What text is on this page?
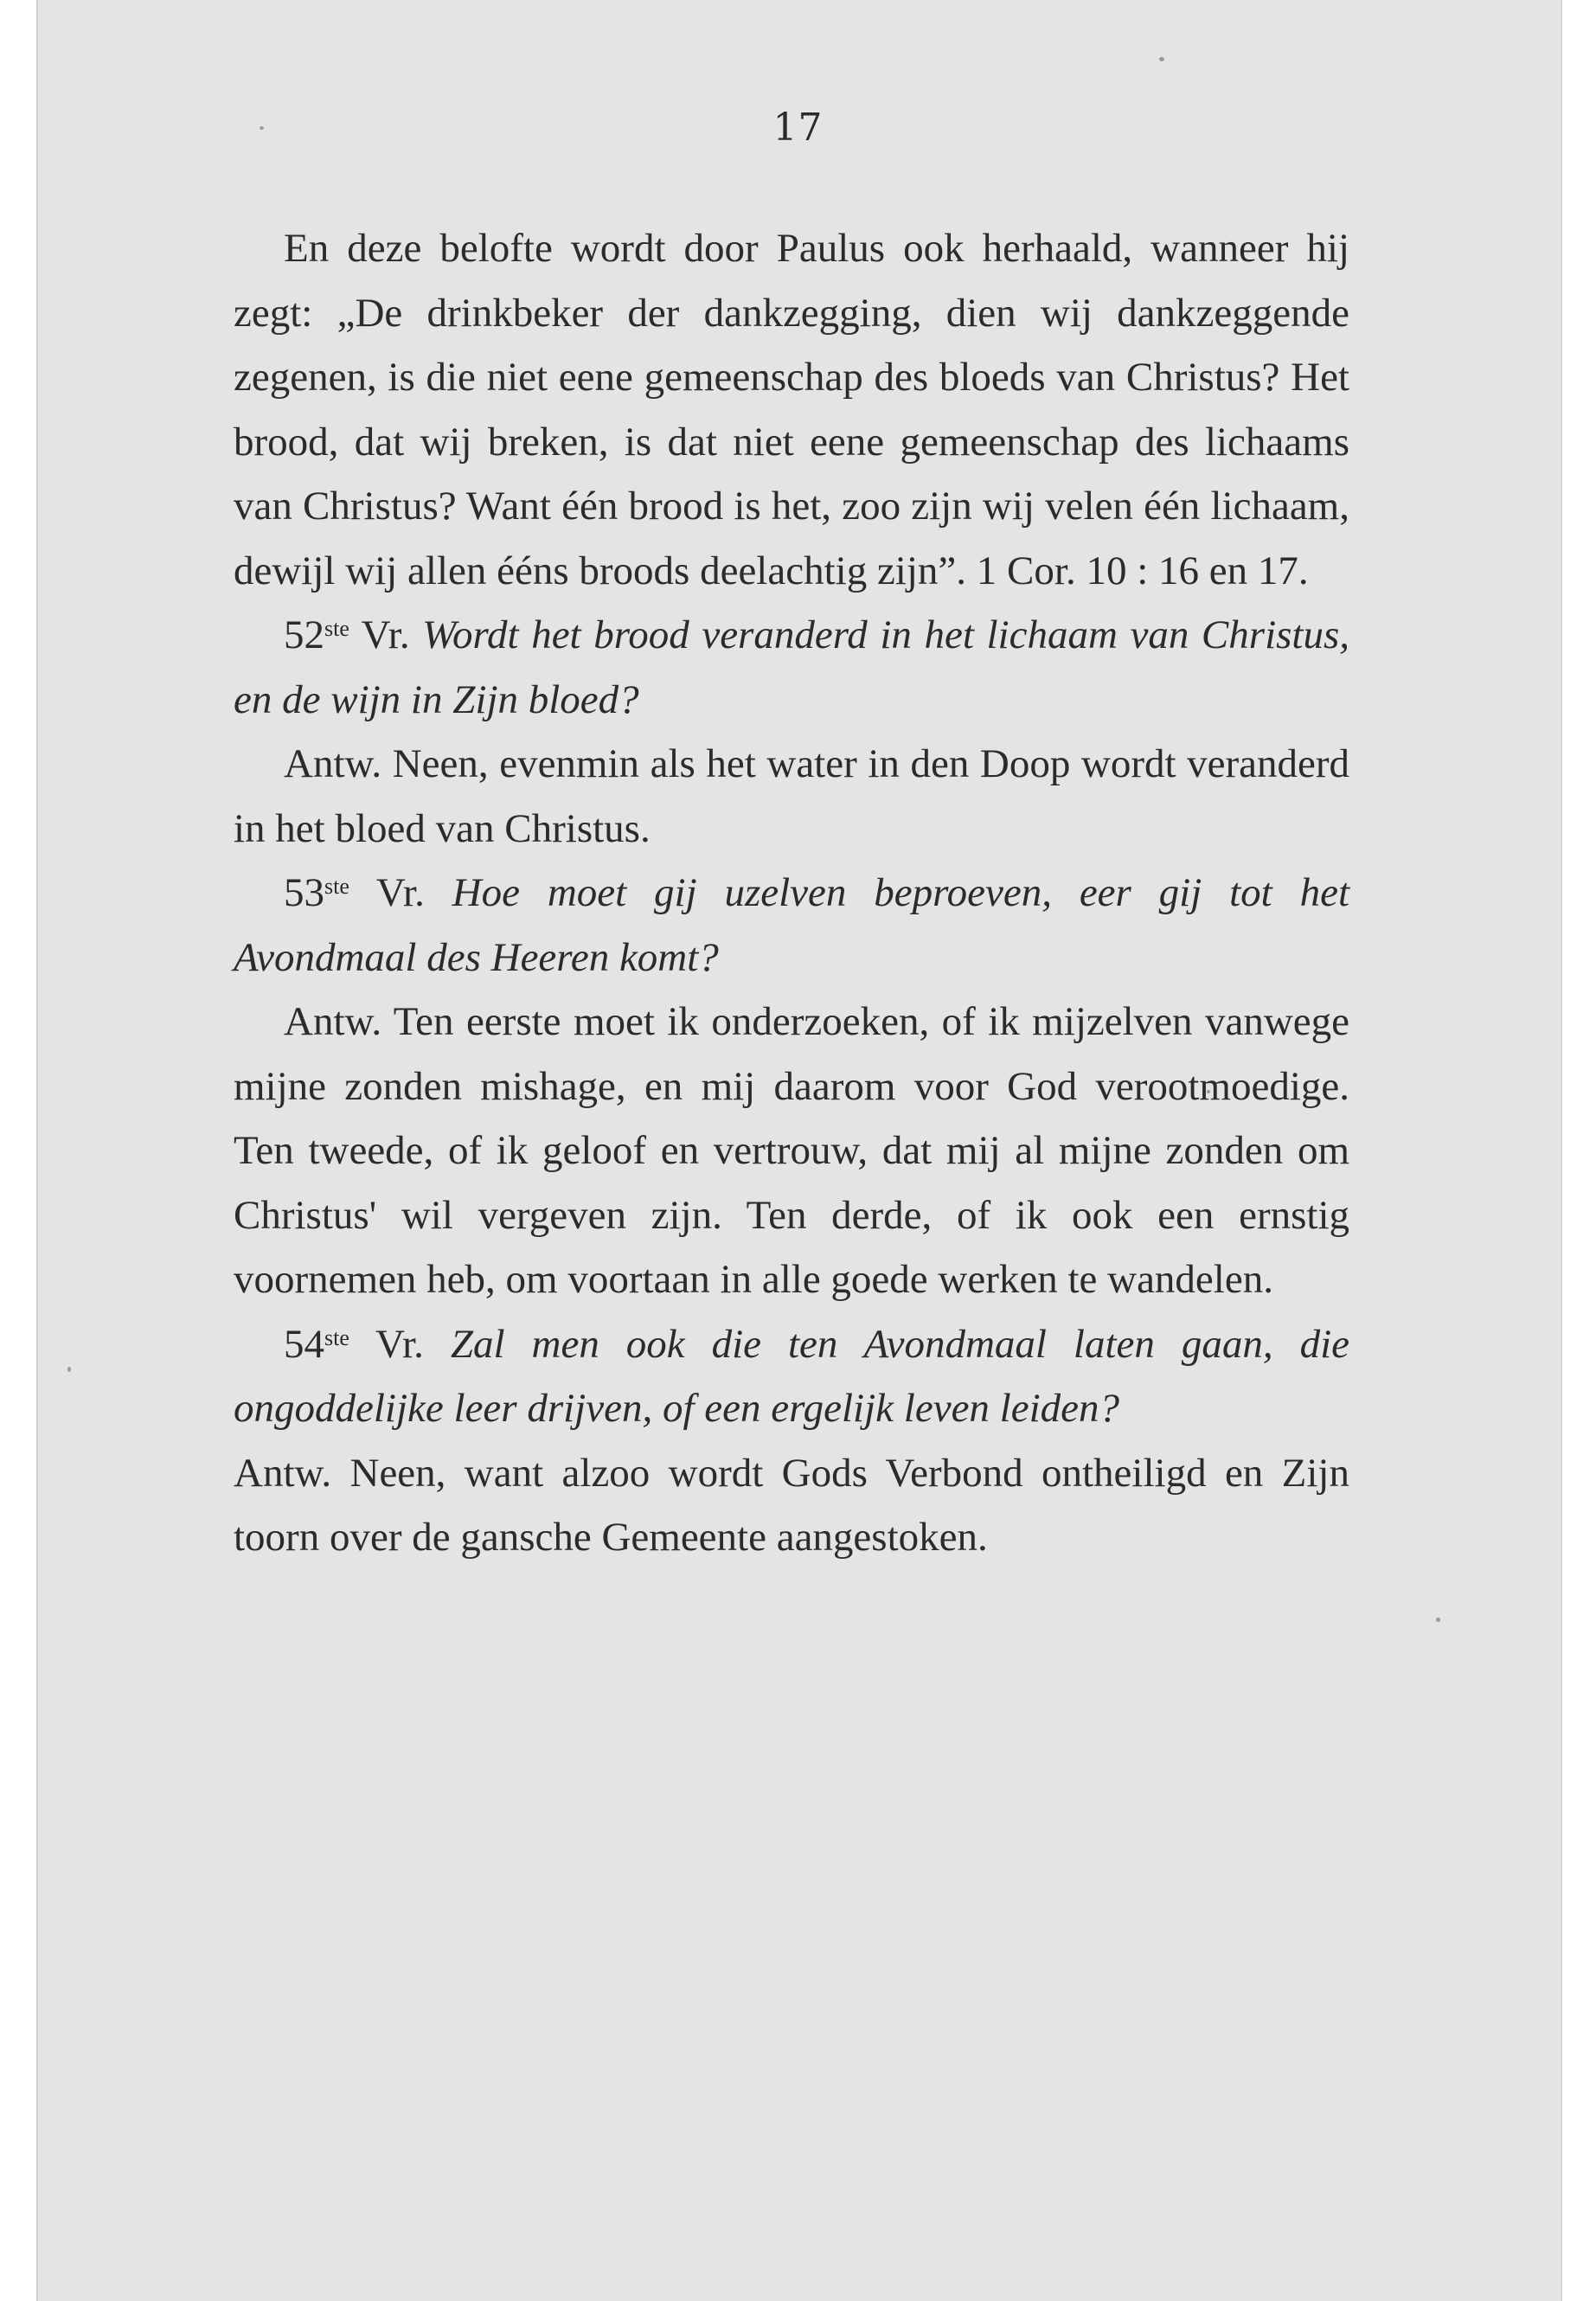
17

En deze belofte wordt door Paulus ook herhaald, wanneer hij zegt: „De drinkbeker der dankzegging, dien wij dankzeggende zegenen, is die niet eene gemeenschap des bloeds van Christus? Het brood, dat wij breken, is dat niet eene gemeenschap des lichaams van Christus? Want één brood is het, zoo zijn wij velen één lichaam, dewijl wij allen ééns broods deelachtig zijn”. 1 Cor. 10 : 16 en 17.

52ste Vr. Wordt het brood veranderd in het lichaam van Christus, en de wijn in Zijn bloed?

Antw. Neen, evenmin als het water in den Doop wordt veranderd in het bloed van Christus.

53ste Vr. Hoe moet gij uzelven beproeven, eer gij tot het Avondmaal des Heeren komt?

Antw. Ten eerste moet ik onderzoeken, of ik mijzelven vanwege mijne zonden mishage, en mij daarom voor God verootmoedige. Ten tweede, of ik geloof en vertrouw, dat mij al mijne zonden om Christus' wil vergeven zijn. Ten derde, of ik ook een ernstig voornemen heb, om voortaan in alle goede werken te wandelen.

54ste Vr. Zal men ook die ten Avondmaal laten gaan, die ongoddelijke leer drijven, of een ergelijk leven leiden?

Antw. Neen, want alzoo wordt Gods Verbond ontheiligd en Zijn toorn over de gansche Gemeente aangestoken.
